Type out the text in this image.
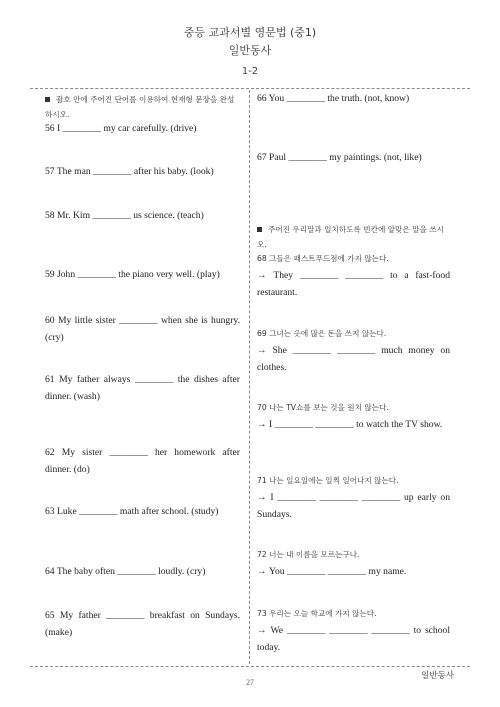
중등 교과서별 영문법 (중1)
일반동사
1-2

괄호 안에 주어진 단어를 이용하여 현재형 문장을 완성하시오.

56 I ________ my car carefully. (drive)

57 The man ________ after his baby. (look)

58 Mr. Kim ________ us science. (teach)

59 John ________ the piano very well. (play)

60 My little sister ________ when she is hungry. (cry)

61 My father always ________ the dishes after dinner. (wash)

62 My sister ________ her homework after dinner. (do)

63 Luke ________ math after school. (study)

64 The baby often ________ loudly. (cry)

65 My father ________ breakfast on Sundays. (make)

66 You ________ the truth. (not, know)

67 Paul ________ my paintings. (not, like)

주어진 우리말과 일치하도록 빈칸에 알맞은 말을 쓰시오.

68 그들은 패스트푸드점에 가지 않는다.
→ They ________ ________ to a fast-food restaurant.
69 그녀는 옷에 많은 돈을 쓰지 않는다.
→ She ________ ________ much money on clothes.
70 나는 TV쇼를 보는 것을 원치 않는다.
→ I ________ ________ to watch the TV show.
71 나는 일요일에는 일찍 일어나지 않는다.
→ I ________ ________ ________ up early on Sundays.
72 너는 내 이름을 모르는구나.
→ You ________ ________ my name.
73 우리는 오늘 학교에 가지 않는다.
→ We ________ ________ ________ to school today.
일반동사
27
